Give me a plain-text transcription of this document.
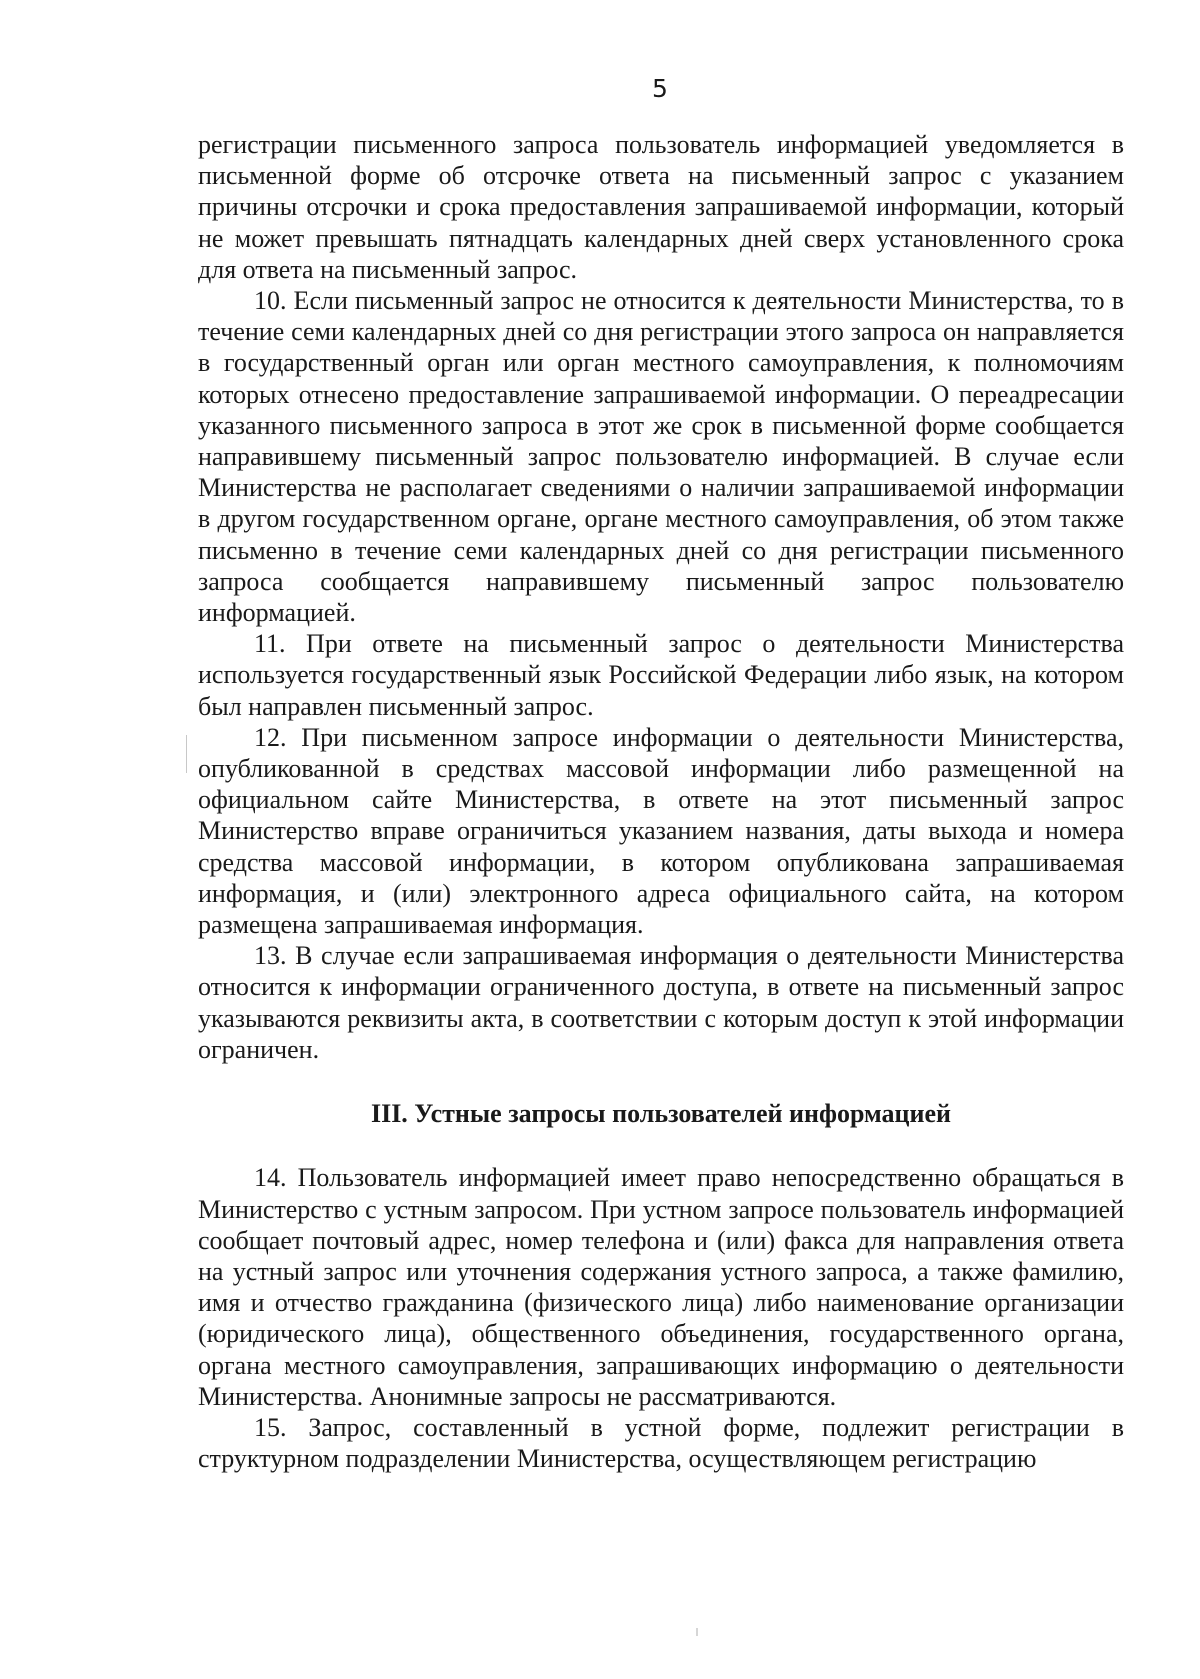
5

регистрации письменного запроса пользователь информацией уведомляется в письменной форме об отсрочке ответа на письменный запрос с указанием причины отсрочки и срока предоставления запрашиваемой информации, который не может превышать пятнадцать календарных дней сверх установленного срока для ответа на письменный запрос.

10. Если письменный запрос не относится к деятельности Министерства, то в течение семи календарных дней со дня регистрации этого запроса он направляется в государственный орган или орган местного самоуправления, к полномочиям которых отнесено предоставление запрашиваемой информации. О переадресации указанного письменного запроса в этот же срок в письменной форме сообщается направившему письменный запрос пользователю информацией. В случае если Министерства не располагает сведениями о наличии запрашиваемой информации в другом государственном органе, органе местного самоуправления, об этом также письменно в течение семи календарных дней со дня регистрации письменного запроса сообщается направившему письменный запрос пользователю информацией.

11. При ответе на письменный запрос о деятельности Министерства используется государственный язык Российской Федерации либо язык, на котором был направлен письменный запрос.

12. При письменном запросе информации о деятельности Министерства, опубликованной в средствах массовой информации либо размещенной на официальном сайте Министерства, в ответе на этот письменный запрос Министерство вправе ограничиться указанием названия, даты выхода и номера средства массовой информации, в котором опубликована запрашиваемая информация, и (или) электронного адреса официального сайта, на котором размещена запрашиваемая информация.

13. В случае если запрашиваемая информация о деятельности Министерства относится к информации ограниченного доступа, в ответе на письменный запрос указываются реквизиты акта, в соответствии с которым доступ к этой информации ограничен.

III. Устные запросы пользователей информацией

14. Пользователь информацией имеет право непосредственно обращаться в Министерство с устным запросом. При устном запросе пользователь информацией сообщает почтовый адрес, номер телефона и (или) факса для направления ответа на устный запрос или уточнения содержания устного запроса, а также фамилию, имя и отчество гражданина (физического лица) либо наименование организации (юридического лица), общественного объединения, государственного органа, органа местного самоуправления, запрашивающих информацию о деятельности Министерства. Анонимные запросы не рассматриваются.

15. Запрос, составленный в устной форме, подлежит регистрации в структурном подразделении Министерства, осуществляющем регистрацию
